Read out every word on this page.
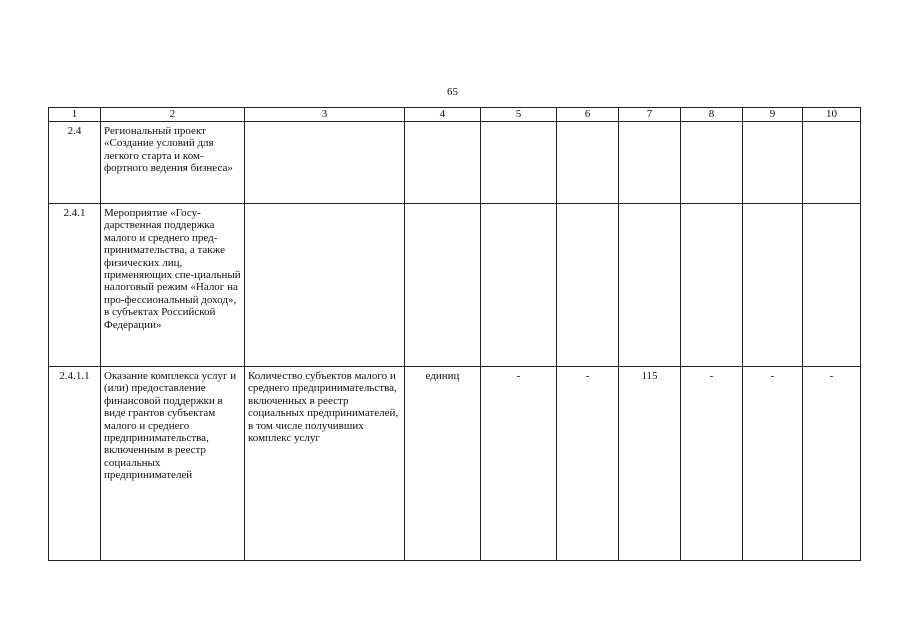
65
1	2	3	4	5	6	7	8	9	10
2.4	Региональный проект «Создание условий для легкого старта и ком-фортного ведения бизнеса»								
2.4.1	Мероприятие «Госу-дарственная поддержка малого и среднего пред-принимательства, а также физических лиц, применяющих спе-циальный налоговый режим «Налог на про-фессиональный доход», в субъектах Российской Федерации»								
2.4.1.1	Оказание комплекса услуг и (или) предоставление финансовой поддержки в виде грантов субъектам малого и среднего предпринимательства, включенным в реестр социальных предпринимателей	Количество субъектов малого и среднего предпринимательства, включенных в реестр социальных предпринимателей, в том числе получивших комплекс услуг	единиц	-	-	115	-	-	-
